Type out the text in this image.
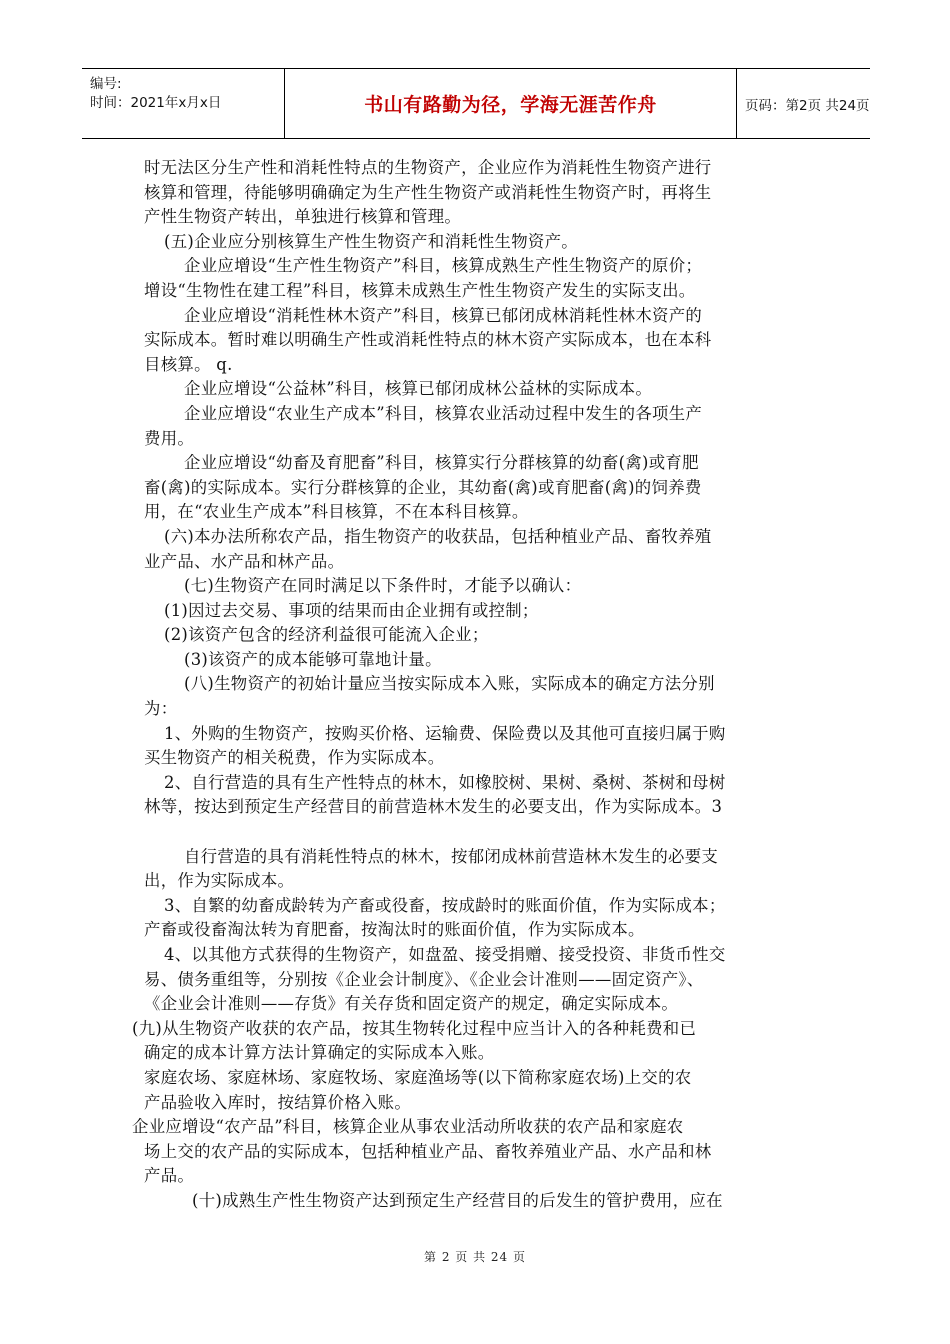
编号:
时间：2021年x月x日	书山有路勤为径，学海无涯苦作舟	页码：第2页 共24页
时无法区分生产性和消耗性特点的生物资产，企业应作为消耗性生物资产进行
核算和管理，待能够明确确定为生产性生物资产或消耗性生物资产时，再将生
产性生物资产转出，单独进行核算和管理。
(五)企业应分别核算生产性生物资产和消耗性生物资产。
企业应增设“生产性生物资产”科目，核算成熟生产性生物资产的原价；
增设“生物性在建工程”科目，核算未成熟生产性生物资产发生的实际支出。
企业应增设“消耗性林木资产”科目，核算已郁闭成林消耗性林木资产的
实际成本。暂时难以明确生产性或消耗性特点的林木资产实际成本，也在本科
目核算。 q.
企业应增设“公益林”科目，核算已郁闭成林公益林的实际成本。
企业应增设“农业生产成本”科目，核算农业活动过程中发生的各项生产
费用。
企业应增设“幼畜及育肥畜”科目，核算实行分群核算的幼畜(禽)或育肥
畜(禽)的实际成本。实行分群核算的企业，其幼畜(禽)或育肥畜(禽)的饲养费
用，在“农业生产成本”科目核算，不在本科目核算。
(六)本办法所称农产品，指生物资产的收获品，包括种植业产品、畜牧养殖
业产品、水产品和林产品。
(七)生物资产在同时满足以下条件时，才能予以确认：
(1)因过去交易、事项的结果而由企业拥有或控制；
(2)该资产包含的经济利益很可能流入企业；
(3)该资产的成本能够可靠地计量。
(八)生物资产的初始计量应当按实际成本入账，实际成本的确定方法分别
为：
1、外购的生物资产，按购买价格、运输费、保险费以及其他可直接归属于购
买生物资产的相关税费，作为实际成本。
2、自行营造的具有生产性特点的林木，如橡胶树、果树、桑树、茶树和母树
林等，按达到预定生产经营目的前营造林木发生的必要支出，作为实际成本。3
自行营造的具有消耗性特点的林木，按郁闭成林前营造林木发生的必要支
出，作为实际成本。
3、自繁的幼畜成龄转为产畜或役畜，按成龄时的账面价值，作为实际成本；
产畜或役畜淘汰转为育肥畜，按淘汰时的账面价值，作为实际成本。
4、以其他方式获得的生物资产，如盘盈、接受捐赠、接受投资、非货币性交
易、债务重组等，分别按《企业会计制度》、《企业会计准则——固定资产》、
《企业会计准则——存货》有关存货和固定资产的规定，确定实际成本。
(九)从生物资产收获的农产品，按其生物转化过程中应当计入的各种耗费和已
确定的成本计算方法计算确定的实际成本入账。
家庭农场、家庭林场、家庭牧场、家庭渔场等(以下简称家庭农场)上交的农
产品验收入库时，按结算价格入账。
企业应增设“农产品”科目，核算企业从事农业活动所收获的农产品和家庭农
场上交的农产品的实际成本，包括种植业产品、畜牧养殖业产品、水产品和林
产品。
(十)成熟生产性生物资产达到预定生产经营目的后发生的管护费用，应在
第 2 页 共 24 页
